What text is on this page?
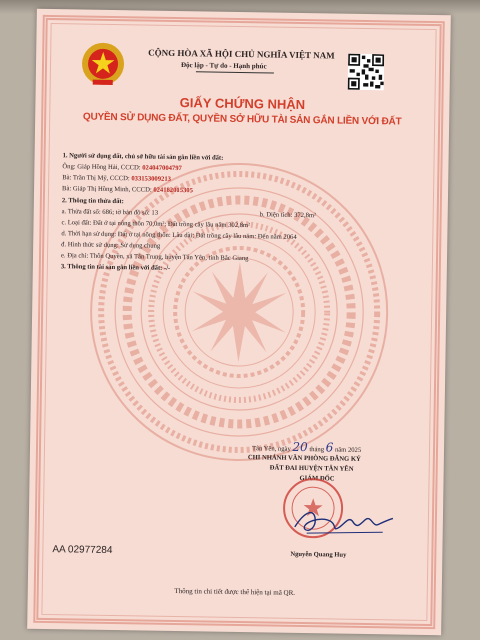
CỘNG HÒA XÃ HỘI CHỦ NGHĨA VIỆT NAM
Độc lập - Tự do - Hạnh phúc
GIẤY CHỨNG NHẬN
QUYỀN SỬ DỤNG ĐẤT, QUYỀN SỞ HỮU TÀI SẢN GẮN LIỀN VỚI ĐẤT
1. Người sử dụng đất, chủ sở hữu tài sản gắn liền với đất:
Ông: Giáp Hồng Hải, CCCD: 024047004797
Bà: Trần Thị Mỹ, CCCD: 033153009213
Bà: Giáp Thị Hồng Minh, CCCD: 024182015305
2. Thông tin thửa đất:
a. Thửa đất số: 686; tờ bản đồ số: 13	b. Diện tích: 372,8m²
c. Loại đất: Đất ở tại nông thôn 70,0m²; Đất trồng cây lâu năm 302,8m²
d. Thời hạn sử dụng: Đất ở tại nông thôn: Lâu dài; Đất trồng cây lâu năm: Đến năm 2064
đ. Hình thức sử dụng: Sử dụng chung
e. Địa chỉ: Thôn Quyền, xã Tân Trung, huyện Tân Yên, tỉnh Bắc Giang
3. Thông tin tài sản gắn liền với đất: -/-
Tân Yên, ngày 20 tháng 6 năm 2025
CHI NHÁNH VĂN PHÒNG ĐĂNG KÝ
ĐẤT ĐAI HUYỆN TÂN YÊN
GIÁM ĐỐC
Nguyễn Quang Huy
AA 02977284
Thông tin chi tiết được thể hiện tại mã QR.
